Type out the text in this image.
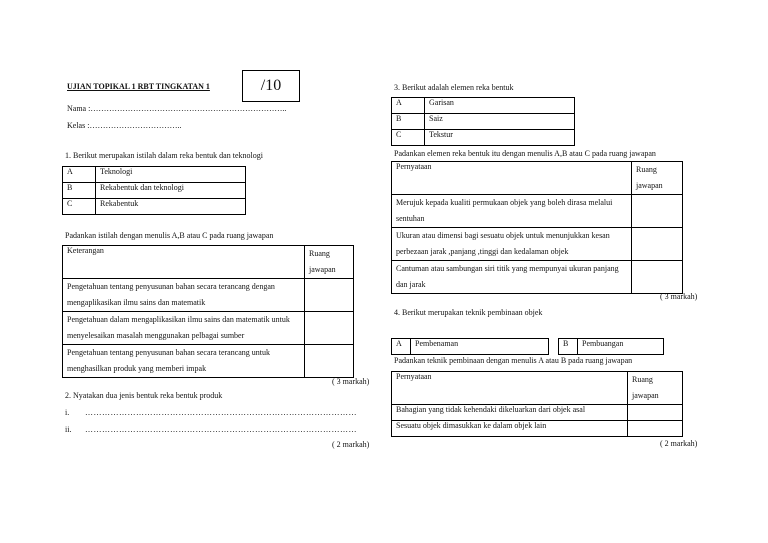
UJIAN TOPIKAL 1 RBT TINGKATAN 1	/10
Nama :………………………………………………………………..
Kelas :……………………………..
1. Berikut merupakan istilah dalam reka bentuk dan teknologi
A	Teknologi
B	Rekabentuk dan teknologi
C	Rekabentuk
Padankan istilah dengan menulis A,B atau C pada ruang jawapan
Keterangan	Ruang jawapan
Pengetahuan tentang penyusunan bahan secara terancang dengan mengaplikasikan ilmu sains dan matematik	
Pengetahuan dalam mengaplikasikan ilmu sains dan matematik untuk menyelesaikan masalah menggunakan pelbagai sumber	
Pengetahuan tentang penyusunan bahan secara terancang untuk menghasilkan produk yang memberi impak	
( 3 markah)
2. Nyatakan dua jenis bentuk reka bentuk produk
i. ……………………………………………………………………………………
ii. ……………………………………………………………………………………
( 2 markah)
3. Berikut adalah elemen reka bentuk
A	Garisan
B	Saiz
C	Tekstur
Padankan elemen reka bentuk itu dengan menulis A,B atau C pada ruang jawapan
Pernyataan	Ruang jawapan
Merujuk kepada kualiti permukaan objek yang boleh dirasa melalui sentuhan	
Ukuran atau dimensi bagi sesuatu objek untuk menunjukkan kesan perbezaan jarak ,panjang ,tinggi dan kedalaman objek	
Cantuman atau sambungan siri titik yang mempunyai ukuran panjang dan jarak	
( 3 markah)
4. Berikut merupakan teknik pembinaan objek
A	Pembenaman	B	Pembuangan
Padankan teknik pembinaan dengan menulis A atau B pada ruang jawapan
Pernyataan	Ruang jawapan
Bahagian yang tidak kehendaki dikeluarkan dari objek asal	
Sesuatu objek dimasukkan ke dalam objek lain	
( 2 markah)
